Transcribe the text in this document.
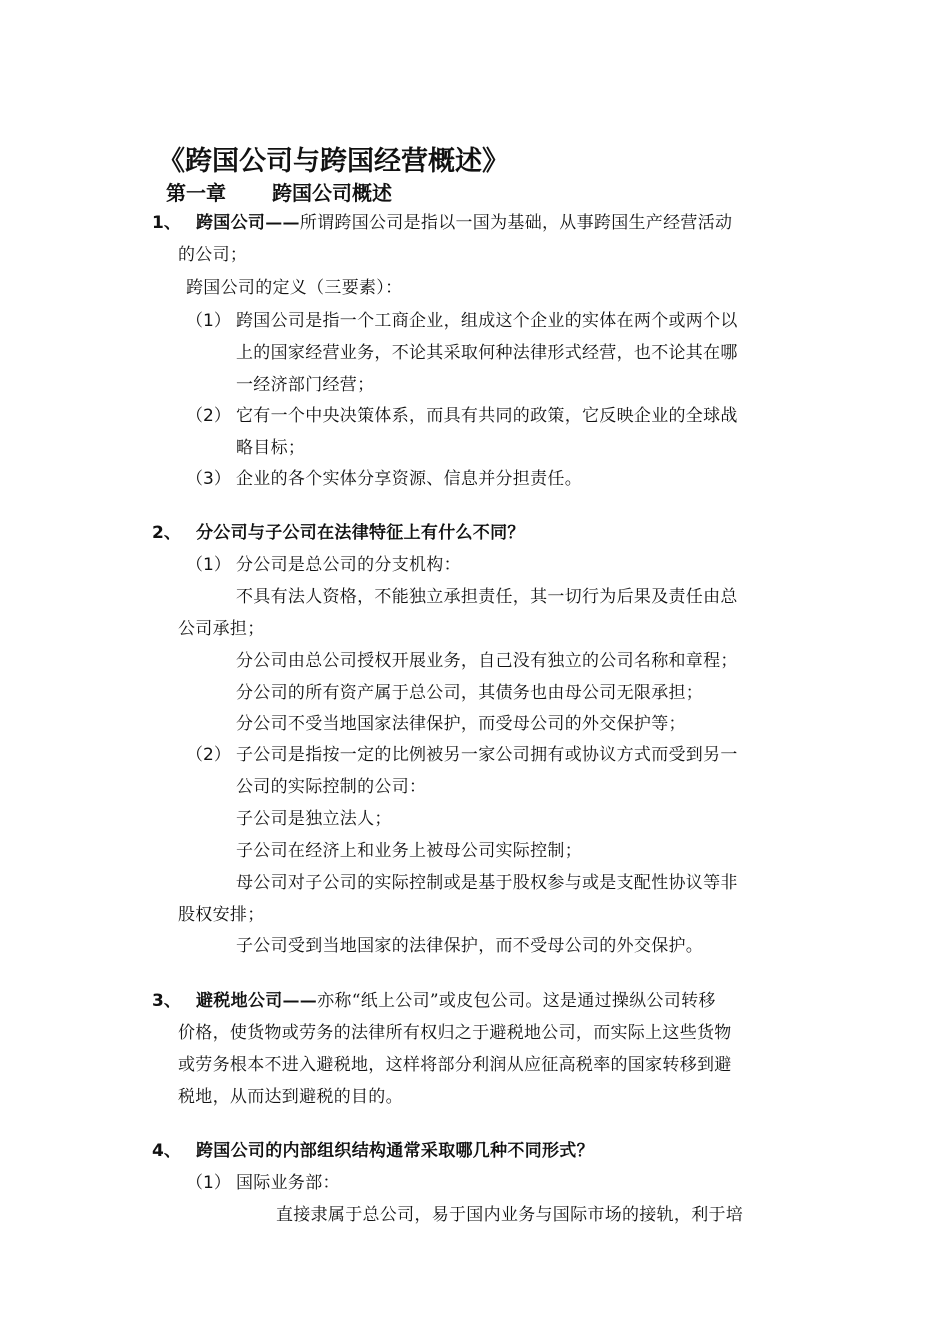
《跨国公司与跨国经营概述》
第一章 跨国公司概述
1、 跨国公司——所谓跨国公司是指以一国为基础，从事跨国生产经营活动
的公司；
跨国公司的定义（三要素）：
（1） 跨国公司是指一个工商企业，组成这个企业的实体在两个或两个以
上的国家经营业务，不论其采取何种法律形式经营，也不论其在哪
一经济部门经营；
（2） 它有一个中央决策体系，而具有共同的政策，它反映企业的全球战
略目标；
（3） 企业的各个实体分享资源、信息并分担责任。
2、 分公司与子公司在法律特征上有什么不同？
（1） 分公司是总公司的分支机构：
不具有法人资格，不能独立承担责任，其一切行为后果及责任由总
公司承担；
分公司由总公司授权开展业务，自己没有独立的公司名称和章程；
分公司的所有资产属于总公司，其债务也由母公司无限承担；
分公司不受当地国家法律保护，而受母公司的外交保护等；
（2） 子公司是指按一定的比例被另一家公司拥有或协议方式而受到另一
公司的实际控制的公司：
子公司是独立法人；
子公司在经济上和业务上被母公司实际控制；
母公司对子公司的实际控制或是基于股权参与或是支配性协议等非
股权安排；
子公司受到当地国家的法律保护，而不受母公司的外交保护。
3、 避税地公司——亦称“纸上公司”或皮包公司。这是通过操纵公司转移
价格，使货物或劳务的法律所有权归之于避税地公司，而实际上这些货物
或劳务根本不进入避税地，这样将部分利润从应征高税率的国家转移到避
税地，从而达到避税的目的。
4、 跨国公司的内部组织结构通常采取哪几种不同形式？
（1） 国际业务部：
直接隶属于总公司，易于国内业务与国际市场的接轨，利于培
